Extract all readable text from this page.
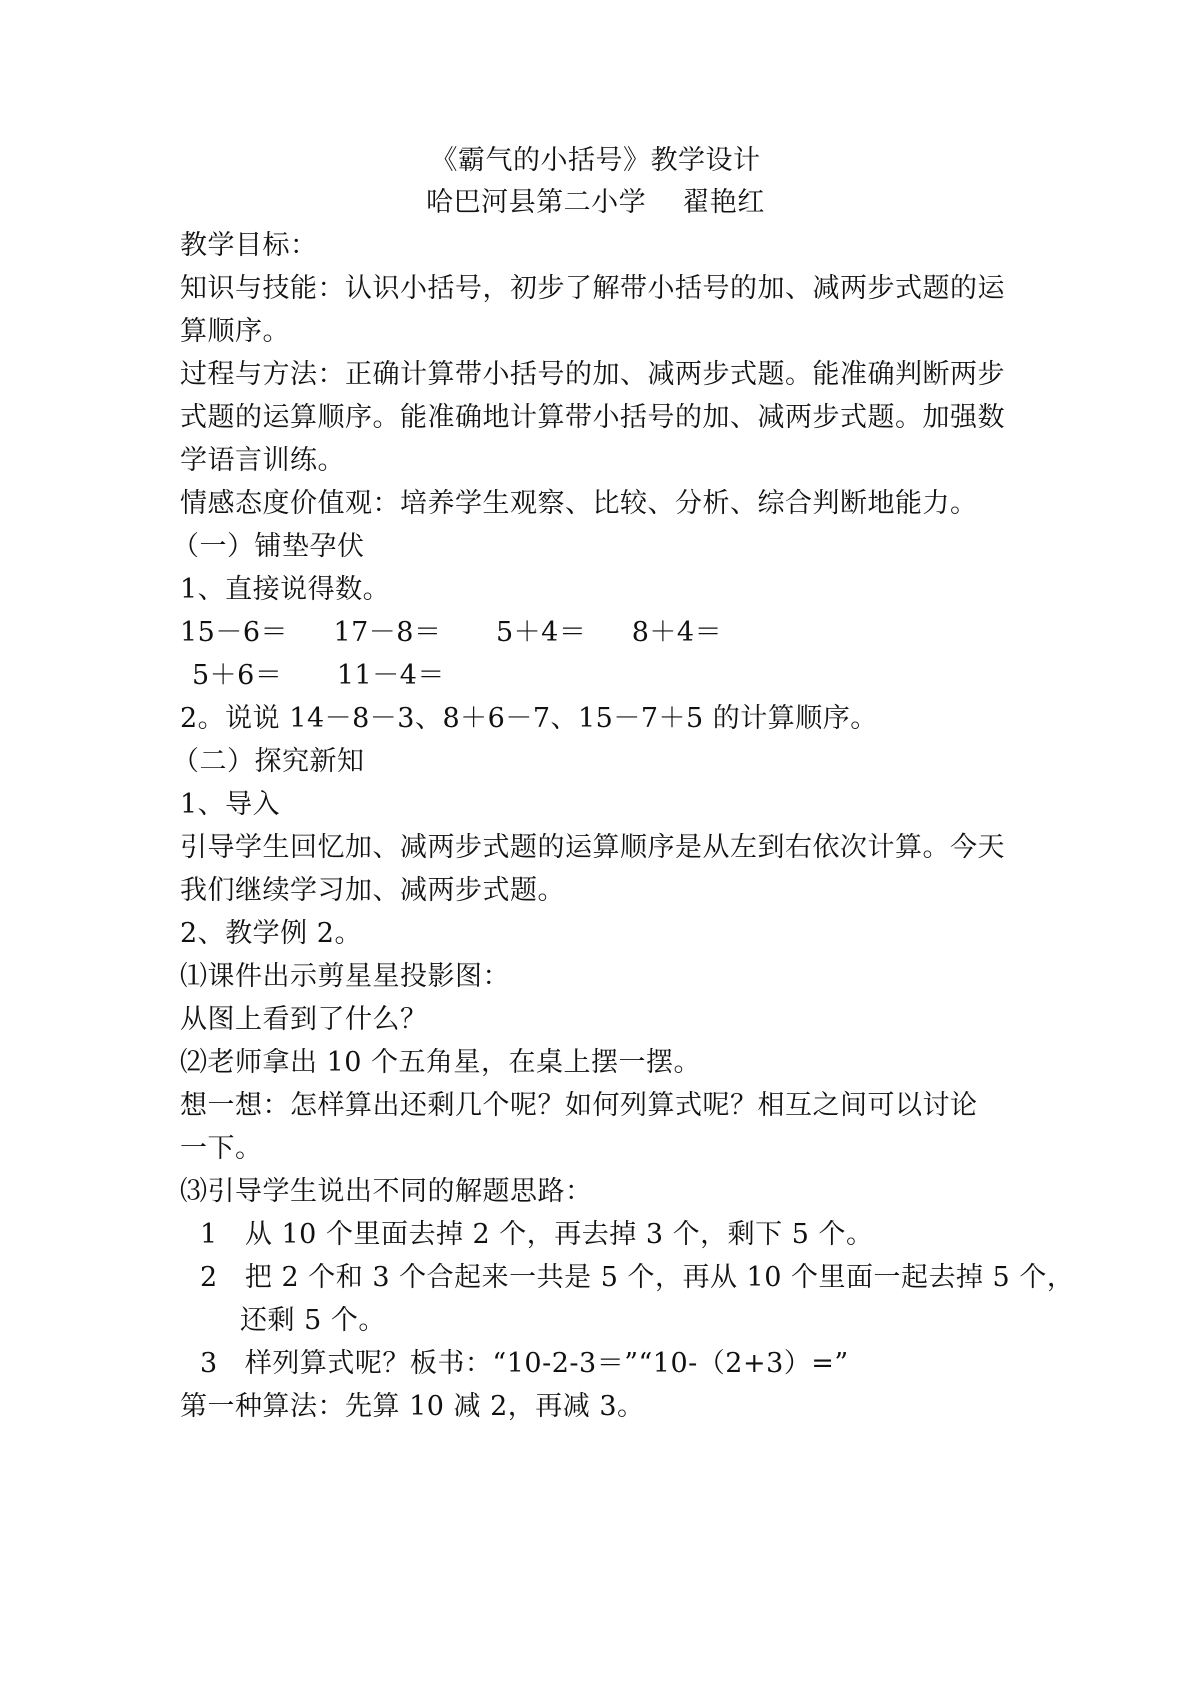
《霸气的小括号》教学设计
哈巴河县第二小学    翟艳红
教学目标：
知识与技能：认识小括号，初步了解带小括号的加、减两步式题的运
算顺序。
过程与方法：正确计算带小括号的加、减两步式题。能准确判断两步
式题的运算顺序。能准确地计算带小括号的加、减两步式题。加强数
学语言训练。
情感态度价值观：培养学生观察、比较、分析、综合判断地能力。
（一）铺垫孕伏
1、直接说得数。
15－6＝     17－8＝      5＋4＝     8＋4＝
5＋6＝      11－4＝
2。说说 14－8－3、8＋6－7、15－7＋5 的计算顺序。
（二）探究新知
1、导入
引导学生回忆加、减两步式题的运算顺序是从左到右依次计算。今天
我们继续学习加、减两步式题。
2、教学例 2。
⑴课件出示剪星星投影图：
从图上看到了什么？
⑵老师拿出 10 个五角星，在桌上摆一摆。
想一想：怎样算出还剩几个呢？如何列算式呢？相互之间可以讨论
一下。
⑶引导学生说出不同的解题思路：
1   从 10 个里面去掉 2 个，再去掉 3 个，剩下 5 个。
2   把 2 个和 3 个合起来一共是 5 个，再从 10 个里面一起去掉 5 个，
还剩 5 个。
3   样列算式呢？板书：“10-2-3＝”“10-（2+3）=”
第一种算法：先算 10 减 2，再减 3。
